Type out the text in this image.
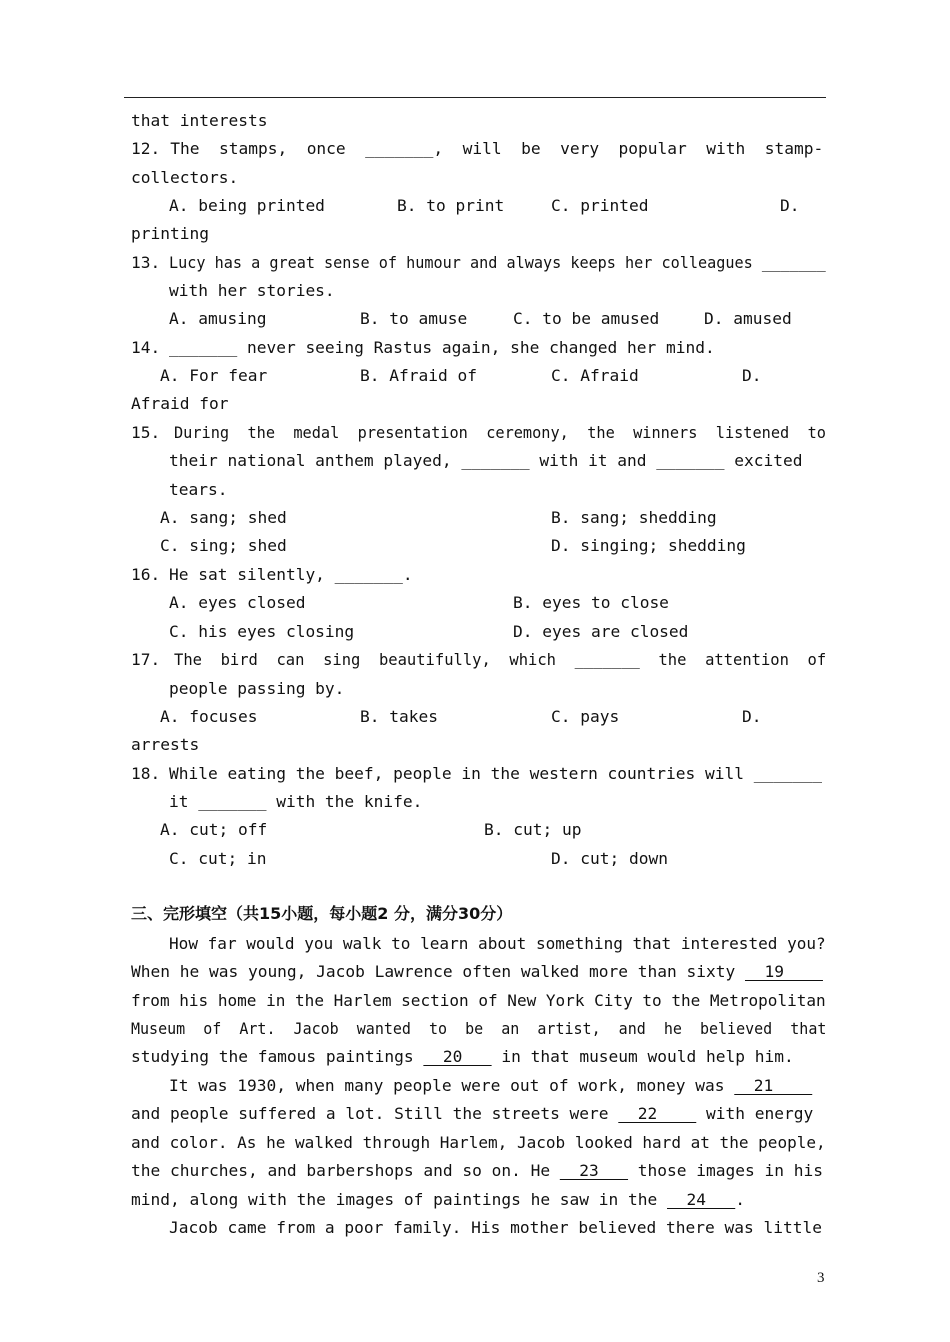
that interests
12. The  stamps,  once  _______,  will  be  very  popular  with  stamp-
collectors.
A. being printed	B. to print	C. printed	D.
printing
13. Lucy has a great sense of humour and always keeps her colleagues _______
with her stories.
A. amusing	B. to amuse	C. to be amused	D. amused
14. _______ never seeing Rastus again, she changed her mind.
A. For fear	B. Afraid of	C. Afraid	D.
Afraid for
15. During  the  medal  presentation  ceremony,  the  winners  listened  to
their national anthem played, _______ with it and _______ excited
tears.
A. sang; shed	B. sang; shedding
C. sing; shed	D. singing; shedding
16. He sat silently, _______.
A. eyes closed	B. eyes to close
C. his eyes closing	D. eyes are closed
17. The  bird  can  sing  beautifully,  which  _______  the  attention  of
people passing by.
A. focuses	B. takes	C. pays	D.
arrests
18. While eating the beef, people in the western countries will _______
it _______ with the knife.
A. cut; off	B. cut; up
C. cut; in	D. cut; down
三、完形填空（共15小题，每小题2 分，满分30分）
How far would you walk to learn about something that interested you?
When he was young, Jacob Lawrence often walked more than sixty   19
from his home in the Harlem section of New York City to the Metropolitan
Museum  of  Art.  Jacob  wanted  to  be  an  artist,  and  he  believed  that
studying the famous paintings   20    in that museum would help him.
It was 1930, when many people were out of work, money was   21
and people suffered a lot. Still the streets were   22     with energy
and color. As he walked through Harlem, Jacob looked hard at the people,
the churches, and barbershops and so on. He   23    those images in his
mind, along with the images of paintings he saw in the   24   .
Jacob came from a poor family. His mother believed there was little
3
